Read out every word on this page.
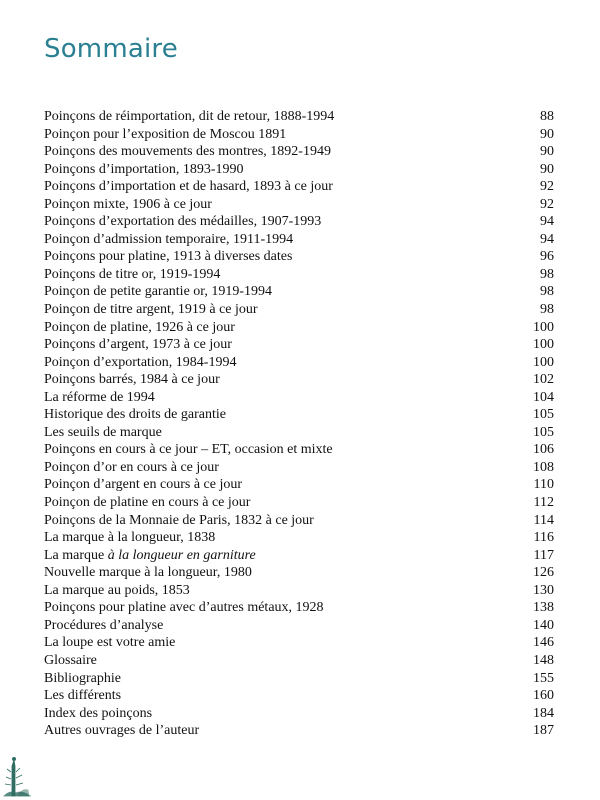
Sommaire
Poinçons de réimportation, dit de retour, 1888-1994	88
Poinçon pour l’exposition de Moscou 1891	90
Poinçons des mouvements des montres, 1892-1949	90
Poinçons d’importation, 1893-1990	90
Poinçons d’importation et de hasard, 1893 à ce jour	92
Poinçon mixte, 1906 à ce jour	92
Poinçons d’exportation des médailles, 1907-1993	94
Poinçon d’admission temporaire, 1911-1994	94
Poinçons pour platine, 1913 à diverses dates	96
Poinçons de titre or, 1919-1994	98
Poinçon de petite garantie or, 1919-1994	98
Poinçon de titre argent, 1919 à ce jour	98
Poinçon de platine, 1926 à ce jour	100
Poinçons d’argent, 1973 à ce jour	100
Poinçon d’exportation, 1984-1994	100
Poinçons barrés, 1984 à ce jour	102
La réforme de 1994	104
Historique des droits de garantie	105
Les seuils de marque	105
Poinçons en cours à ce jour – ET, occasion et mixte	106
Poinçon d’or en cours à ce jour	108
Poinçon d’argent en cours à ce jour	110
Poinçon de platine en cours à ce jour	112
Poinçons de la Monnaie de Paris, 1832 à ce jour	114
La marque à la longueur, 1838	116
La marque à la longueur en garniture	117
Nouvelle marque à la longueur, 1980	126
La marque au poids, 1853	130
Poinçons pour platine avec d’autres métaux, 1928	138
Procédures d’analyse	140
La loupe est votre amie	146
Glossaire	148
Bibliographie	155
Les différents	160
Index des poinçons	184
Autres ouvrages de l’auteur	187
